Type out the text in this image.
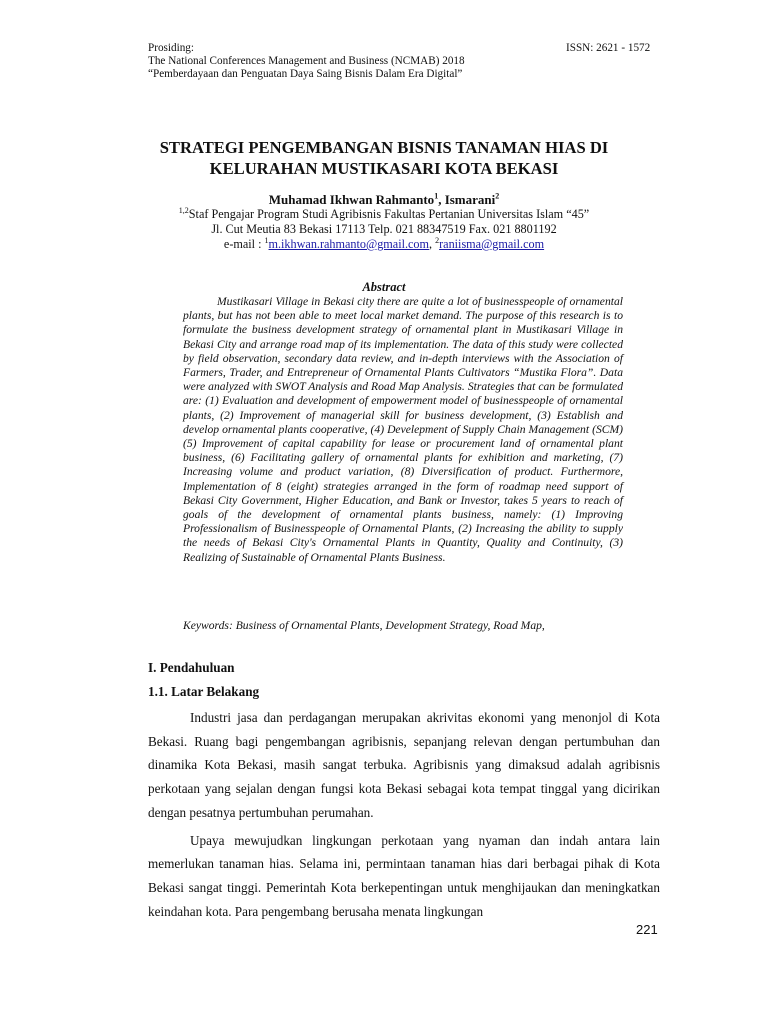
Prosiding:
The National Conferences Management and Business (NCMAB) 2018
“Pemberdayaan dan Penguatan Daya Saing Bisnis Dalam Era Digital”
ISSN: 2621 - 1572
STRATEGI PENGEMBANGAN BISNIS TANAMAN HIAS DI
KELURAHAN MUSTIKASARI KOTA BEKASI
Muhamad Ikhwan Rahmanto$^1$, Ismarani$^2$
$^{1,2}$Staf Pengajar Program Studi Agribisnis Fakultas Pertanian Universitas Islam “45”
Jl. Cut Meutia 83 Bekasi 17113 Telp. 021 88347519 Fax. 021 8801192
e-mail : $^1$m.ikhwan.rahmanto@gmail.com, $^2$raniisma@gmail.com
Abstract
Mustikasari Village in Bekasi city there are quite a lot of businesspeople of ornamental plants, but has not been able to meet local market demand. The purpose of this research is to formulate the business development strategy of ornamental plant in Mustikasari Village in Bekasi City and arrange road map of its implementation. The data of this study were collected by field observation, secondary data review, and in-depth interviews with the Association of Farmers, Trader, and Entrepreneur of Ornamental Plants Cultivators “Mustika Flora”. Data were analyzed with SWOT Analysis and Road Map Analysis. Strategies that can be formulated are: (1) Evaluation and development of empowerment model of businesspeople of ornamental plants, (2) Improvement of managerial skill for business development, (3) Establish and develop ornamental plants cooperative, (4) Develepment of Supply Chain Management (SCM) (5) Improvement of capital capability for lease or procurement land of ornamental plant business, (6) Facilitating gallery of ornamental plants for exhibition and marketing, (7) Increasing volume and product variation, (8) Diversification of product. Furthermore, Implementation of 8 (eight) strategies arranged in the form of roadmap need support of Bekasi City Government, Higher Education, and Bank or Investor, takes 5 years to reach of goals of the development of ornamental plants business, namely: (1) Improving Professionalism of Businesspeople of Ornamental Plants, (2) Increasing the ability to supply the needs of Bekasi City's Ornamental Plants in Quantity, Quality and Continuity, (3) Realizing of Sustainable of Ornamental Plants Business.
Keywords: Business of Ornamental Plants, Development Strategy, Road Map,
I. Pendahuluan
1.1. Latar Belakang

Industri jasa dan perdagangan merupakan akrivitas ekonomi yang menonjol di Kota Bekasi. Ruang bagi pengembangan agribisnis, sepanjang relevan dengan pertumbuhan dan dinamika Kota Bekasi, masih sangat terbuka. Agribisnis yang dimaksud adalah agribisnis perkotaan yang sejalan dengan fungsi kota Bekasi sebagai kota tempat tinggal yang dicirikan dengan pesatnya pertumbuhan perumahan.

Upaya mewujudkan lingkungan perkotaan yang nyaman dan indah antara lain memerlukan tanaman hias. Selama ini, permintaan tanaman hias dari berbagai pihak di Kota Bekasi sangat tinggi. Pemerintah Kota berkepentingan untuk menghijaukan dan meningkatkan keindahan kota. Para pengembang berusaha menata lingkungan

221
